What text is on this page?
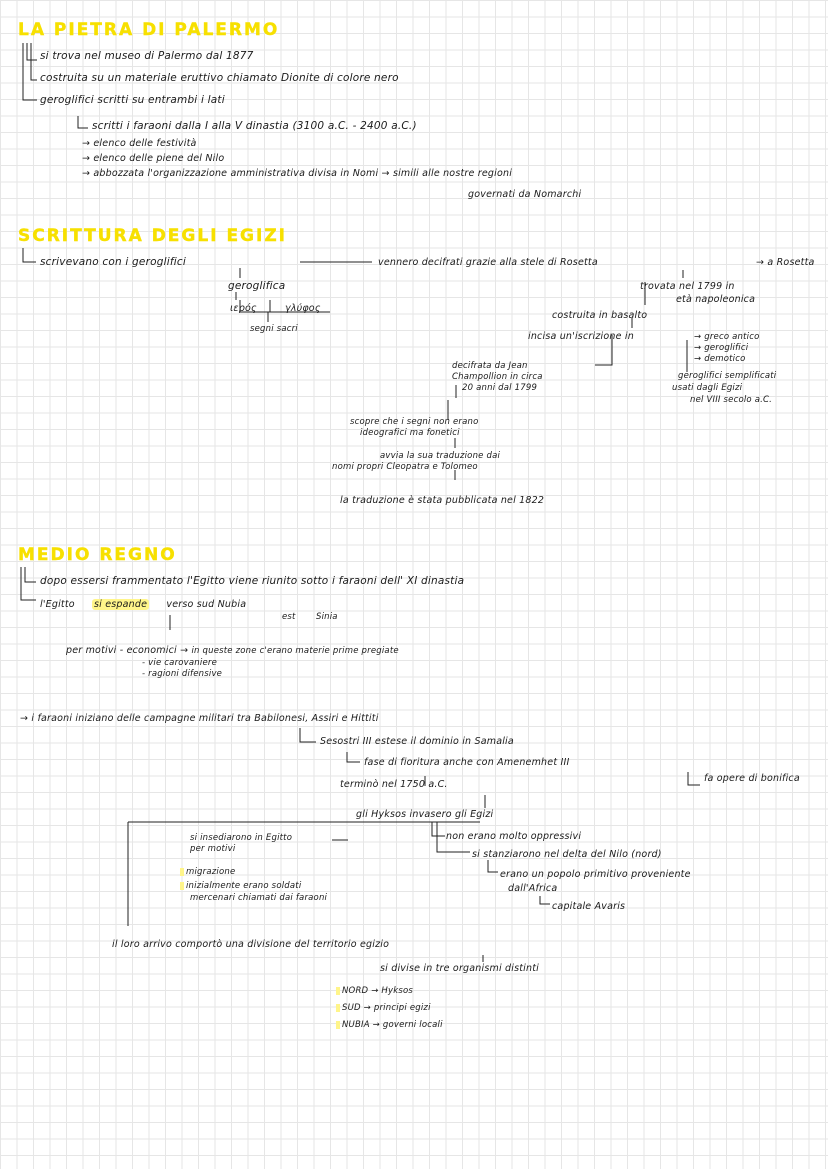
LA PIETRA DI PALERMO
si trova nel museo di Palermo dal 1877
costruita su un materiale eruttivo chiamato Dionite di colore nero
geroglifici scritti su entrambi i lati
scritti i faraoni dalla I alla V dinastia (3100 a.C. - 2400 a.C.)
→ elenco delle festività
→ elenco delle piene del Nilo
→ abbozzata l'organizzazione amministrativa divisa in Nomi → simili alle nostre regioni
governati da Nomarchi
SCRITTURA DEGLI EGIZI
scrivevano con i geroglifici	vennero decifrati grazie alla stele di Rosetta	→ a Rosetta
geroglifica
ιερός	γλύφος
segni sacri
trovata nel 1799 in
età napoleonica
costruita in basalto
incisa un'iscrizione in	→ greco antico
→ geroglifici
→ demotico
geroglifici semplificati
usati dagli Egizi
nel VIII secolo a.C.
decifrata da Jean
Champollion in circa
20 anni dal 1799
scopre che i segni non erano
ideografici ma fonetici
avvia la sua traduzione dai
nomi propri Cleopatra e Tolomeo
la traduzione è stata pubblicata nel 1822
MEDIO REGNO
dopo essersi frammentato l'Egitto viene riunito sotto i faraoni dell' XI dinastia
l'Egitto si espande verso sud Nubia
est Sinia
per motivi - economici → in queste zone c'erano materie prime pregiate
- vie carovaniere
- ragioni difensive
→ i faraoni iniziano delle campagne militari tra Babilonesi, Assiri e Hittiti
Sesostri III estese il dominio in Samalia
fase di fioritura anche con Amenemhet III
fa opere di bonifica
terminò nel 1750 a.C.
gli Hyksos invasero gli Egizi
si insediarono in Egitto
per motivi
migrazione
inizialmente erano soldati
mercenari chiamati dai faraoni
non erano molto oppressivi
si stanziarono nel delta del Nilo (nord)
erano un popolo primitivo proveniente
dall'Africa
capitale Avaris
il loro arrivo comportò una divisione del territorio egizio
si divise in tre organismi distinti
NORD → Hyksos
SUD → principi egizi
NUBIA → governi locali
